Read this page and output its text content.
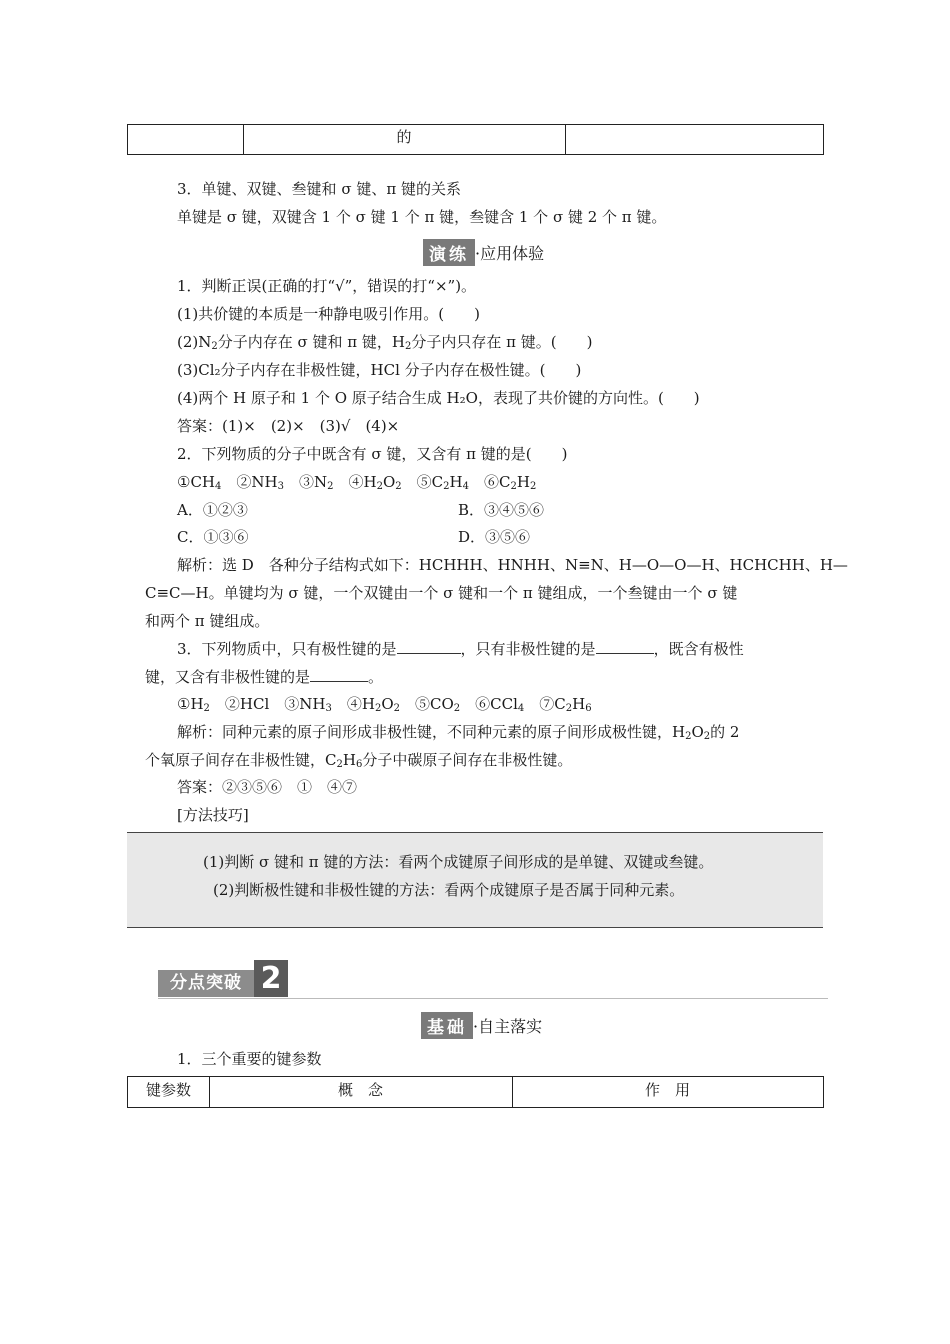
的
3．单键、双键、叁键和 σ 键、π 键的关系
单键是 σ 键，双键含 1 个 σ 键 1 个 π 键，叁键含 1 个 σ 键 2 个 π 键。
演练 ·应用体验
1．判断正误(正确的打“√”，错误的打“×”)。
(1)共价键的本质是一种静电吸引作用。(　　)
$(2)N_2$分子内存在 σ 键和 π 键，$H_2$分子内只存在 π 键。(　　)
(3)Cl₂分子内存在非极性键，HCl 分子内存在极性键。(　　)
(4)两个 H 原子和 1 个 O 原子结合生成 H₂O，表现了共价键的方向性。(　　)
答案：(1)×　(2)×　(3)√　(4)×
2．下列物质的分子中既含有 σ 键，又含有 π 键的是(　　)
$①CH_4$　$②NH_3$　$③N_2$　$④H_2O_2$　$⑤C_2H_4$　$⑥C_2H_2$
A．①②③	B．③④⑤⑥
C．①③⑥	D．③⑤⑥
解析：选 D　各种分子结构式如下：HCHHH、HNHH、N≡N、H—O—O—H、HCHCHH、H—
C≡C—H。单键均为 σ 键，一个双键由一个 σ 键和一个 π 键组成，一个叁键由一个 σ 键
和两个 π 键组成。
3．下列物质中，只有极性键的是	，只有非极性键的是	，既含有极性
键，又含有非极性键的是	。
$①H_2$　②HCl　$③NH_3$　$④H_2O_2$　$⑤CO_2$　⑥CCl$_4$　$⑦C_2H_6$
解析：同种元素的原子间形成非极性键，不同种元素的原子间形成极性键，$H_2O_2$的 2
个氧原子间存在非极性键，$C_2H_6$分子中碳原子间存在非极性键。
答案：②③⑤⑥　①　④⑦
[方法技巧]
(1)判断 σ 键和 π 键的方法：看两个成键原子间形成的是单键、双键或叁键。
(2)判断极性键和非极性键的方法：看两个成键原子是否属于同种元素。
分点突破 2
基础 ·自主落实
1．三个重要的键参数
键参数	概　念	作　用
